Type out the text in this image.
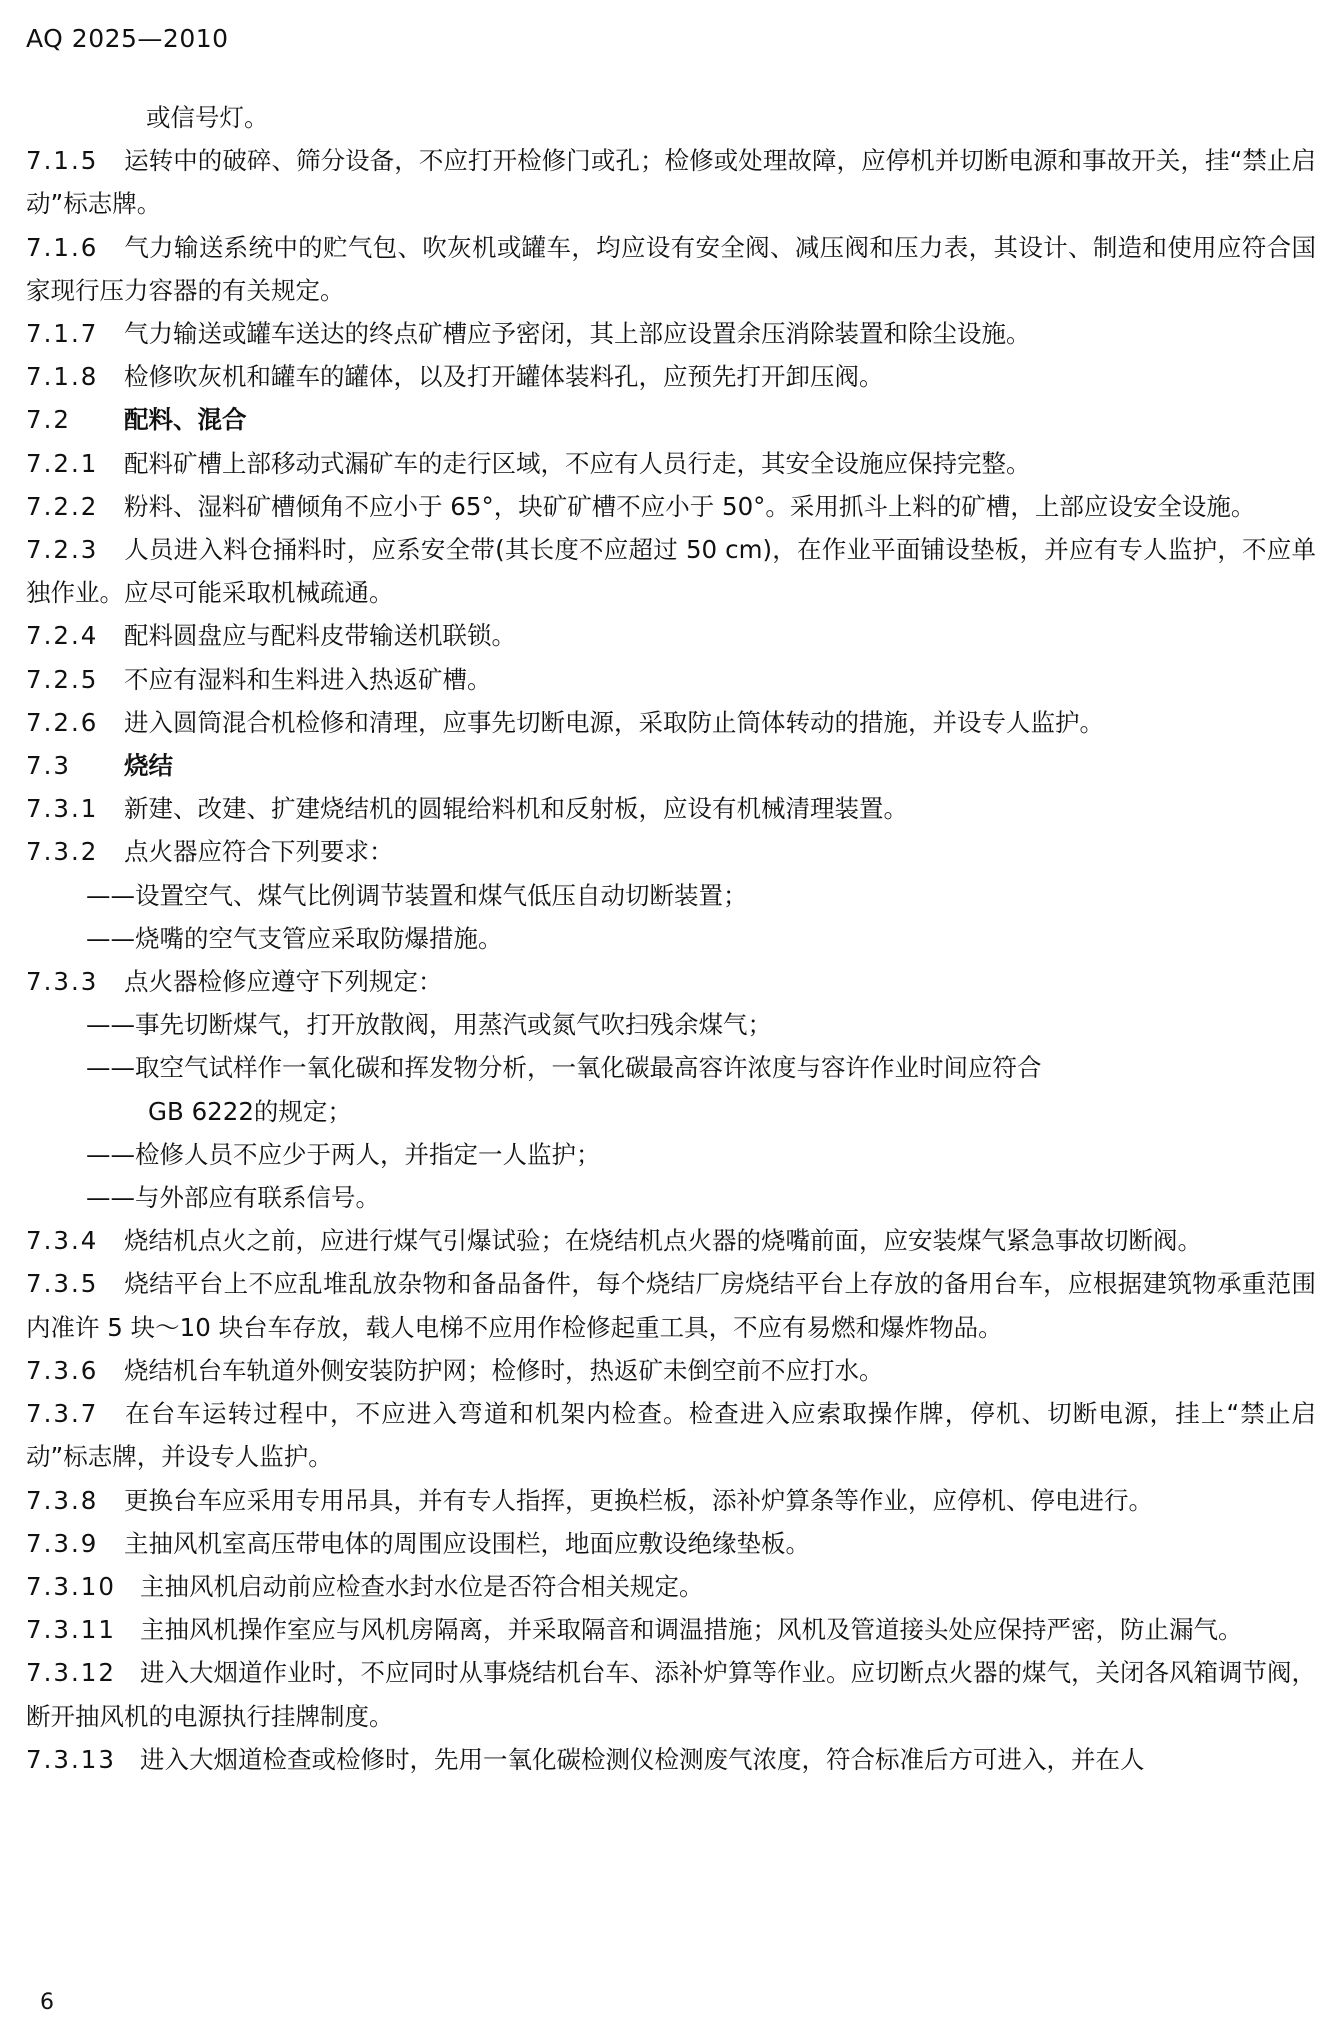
AQ 2025—2010
或信号灯。
7.1.5 运转中的破碎、筛分设备，不应打开检修门或孔；检修或处理故障，应停机并切断电源和事故开关，挂“禁止启动”标志牌。
7.1.6 气力输送系统中的贮气包、吹灰机或罐车，均应设有安全阀、减压阀和压力表，其设计、制造和使用应符合国家现行压力容器的有关规定。
7.1.7 气力输送或罐车送达的终点矿槽应予密闭，其上部应设置余压消除装置和除尘设施。
7.1.8 检修吹灰机和罐车的罐体，以及打开罐体装料孔，应预先打开卸压阀。
7.2 配料、混合
7.2.1 配料矿槽上部移动式漏矿车的走行区域，不应有人员行走，其安全设施应保持完整。
7.2.2 粉料、湿料矿槽倾角不应小于 65°，块矿矿槽不应小于 50°。采用抓斗上料的矿槽，上部应设安全设施。
7.2.3 人员进入料仓捅料时，应系安全带(其长度不应超过 50 cm)，在作业平面铺设垫板，并应有专人监护，不应单独作业。应尽可能采取机械疏通。
7.2.4 配料圆盘应与配料皮带输送机联锁。
7.2.5 不应有湿料和生料进入热返矿槽。
7.2.6 进入圆筒混合机检修和清理，应事先切断电源，采取防止筒体转动的措施，并设专人监护。
7.3 烧结
7.3.1 新建、改建、扩建烧结机的圆辊给料机和反射板，应设有机械清理装置。
7.3.2 点火器应符合下列要求：
——设置空气、煤气比例调节装置和煤气低压自动切断装置；
——烧嘴的空气支管应采取防爆措施。
7.3.3 点火器检修应遵守下列规定：
——事先切断煤气，打开放散阀，用蒸汽或氮气吹扫残余煤气；
——取空气试样作一氧化碳和挥发物分析，一氧化碳最高容许浓度与容许作业时间应符合
GB 6222的规定；
——检修人员不应少于两人，并指定一人监护；
——与外部应有联系信号。
7.3.4 烧结机点火之前，应进行煤气引爆试验；在烧结机点火器的烧嘴前面，应安装煤气紧急事故切断阀。
7.3.5 烧结平台上不应乱堆乱放杂物和备品备件，每个烧结厂房烧结平台上存放的备用台车，应根据建筑物承重范围内准许 5 块～10 块台车存放，载人电梯不应用作检修起重工具，不应有易燃和爆炸物品。
7.3.6 烧结机台车轨道外侧安装防护网；检修时，热返矿未倒空前不应打水。
7.3.7 在台车运转过程中，不应进入弯道和机架内检查。检查进入应索取操作牌，停机、切断电源，挂上“禁止启动”标志牌，并设专人监护。
7.3.8 更换台车应采用专用吊具，并有专人指挥，更换栏板，添补炉算条等作业，应停机、停电进行。
7.3.9 主抽风机室高压带电体的周围应设围栏，地面应敷设绝缘垫板。
7.3.10 主抽风机启动前应检查水封水位是否符合相关规定。
7.3.11 主抽风机操作室应与风机房隔离，并采取隔音和调温措施；风机及管道接头处应保持严密，防止漏气。
7.3.12 进入大烟道作业时，不应同时从事烧结机台车、添补炉算等作业。应切断点火器的煤气，关闭各风箱调节阀，断开抽风机的电源执行挂牌制度。
7.3.13 进入大烟道检查或检修时，先用一氧化碳检测仪检测废气浓度，符合标准后方可进入，并在人
6
